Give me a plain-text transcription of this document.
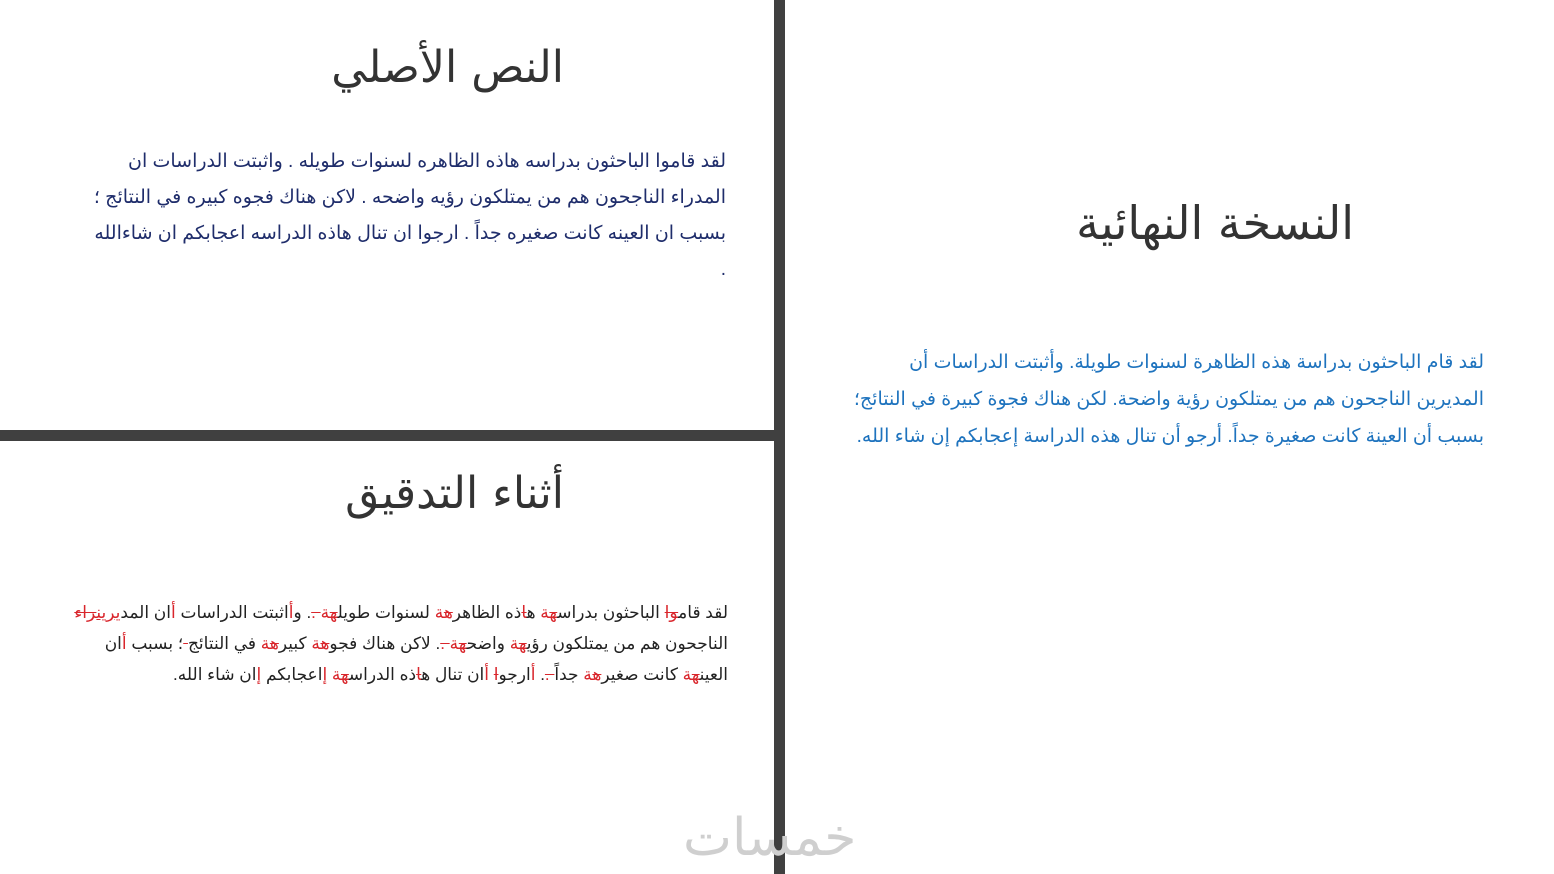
النص الأصلي

لقد قاموا الباحثون بدراسه هاذه الظاهره لسنوات طويله . واثبتت الدراسات ان المدراء الناجحون هم من يمتلكون رؤيه واضحه . لاكن هناك فجوه كبيره في النتائج ؛ بسبب ان العينه كانت صغيره جداً . ارجوا ان تنال هاذه الدراسه اعجابكم ان شاءالله .

النسخة النهائية

لقد قام الباحثون بدراسة هذه الظاهرة لسنوات طويلة. وأثبتت الدراسات أن المديرين الناجحون هم من يمتلكون رؤية واضحة. لكن هناك فجوة كبيرة في النتائج؛ بسبب أن العينة كانت صغيرة جداً. أرجو أن تنال هذه الدراسة إعجابكم إن شاء الله.

أثناء التدقيق

لقد قاموا الباحثون بدراسهة هاذه الظاهرهة لسنوات طويلهة .. وأاثبتت الدراسات أان المديرينراء
الناجحون هم من يمتلكون رؤيهة واضحهة .. لاكن هناك فجوهة كبيرهة في النتائج ؛ بسبب أان
العينهة كانت صغيرهة جداً .. أارجوا أان تنال هاذه الدراسهة إاعجابكم إان شاء الله.

خمسات
